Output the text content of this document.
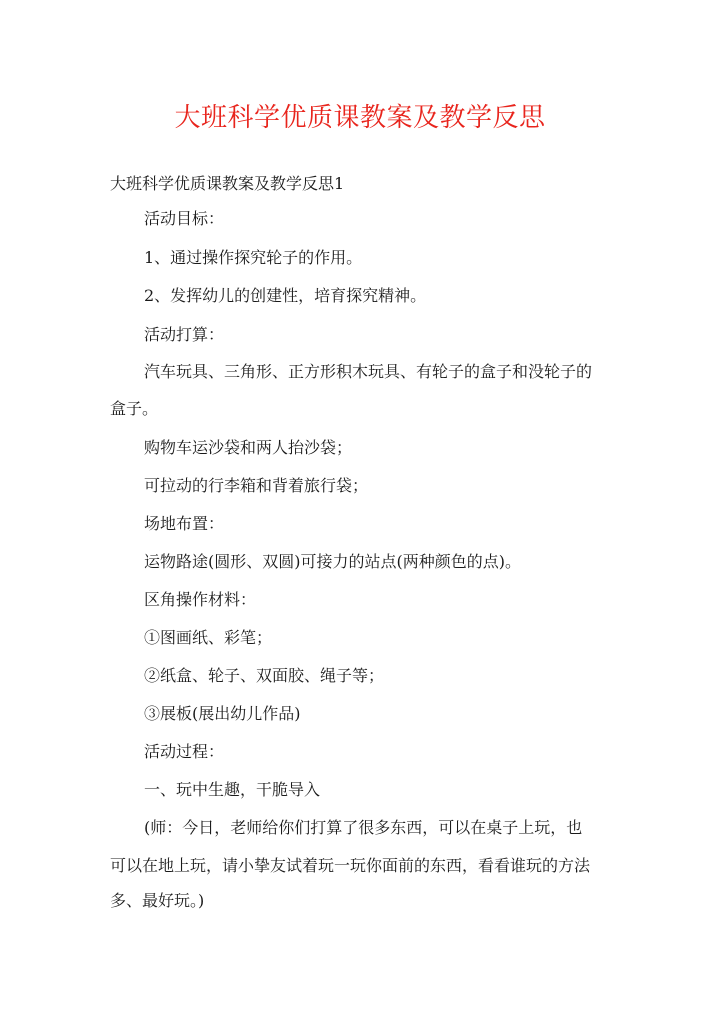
大班科学优质课教案及教学反思
大班科学优质课教案及教学反思1
活动目标：
1、通过操作探究轮子的作用。
2、发挥幼儿的创建性，培育探究精神。
活动打算：
汽车玩具、三角形、正方形积木玩具、有轮子的盒子和没轮子的
盒子。
购物车运沙袋和两人抬沙袋；
可拉动的行李箱和背着旅行袋；
场地布置：
运物路途(圆形、双圆)可接力的站点(两种颜色的点)。
区角操作材料：
①图画纸、彩笔；
②纸盒、轮子、双面胶、绳子等；
③展板(展出幼儿作品)
活动过程：
一、玩中生趣，干脆导入
(师：今日，老师给你们打算了很多东西，可以在桌子上玩，也
可以在地上玩，请小挚友试着玩一玩你面前的东西，看看谁玩的方法
多、最好玩。)
